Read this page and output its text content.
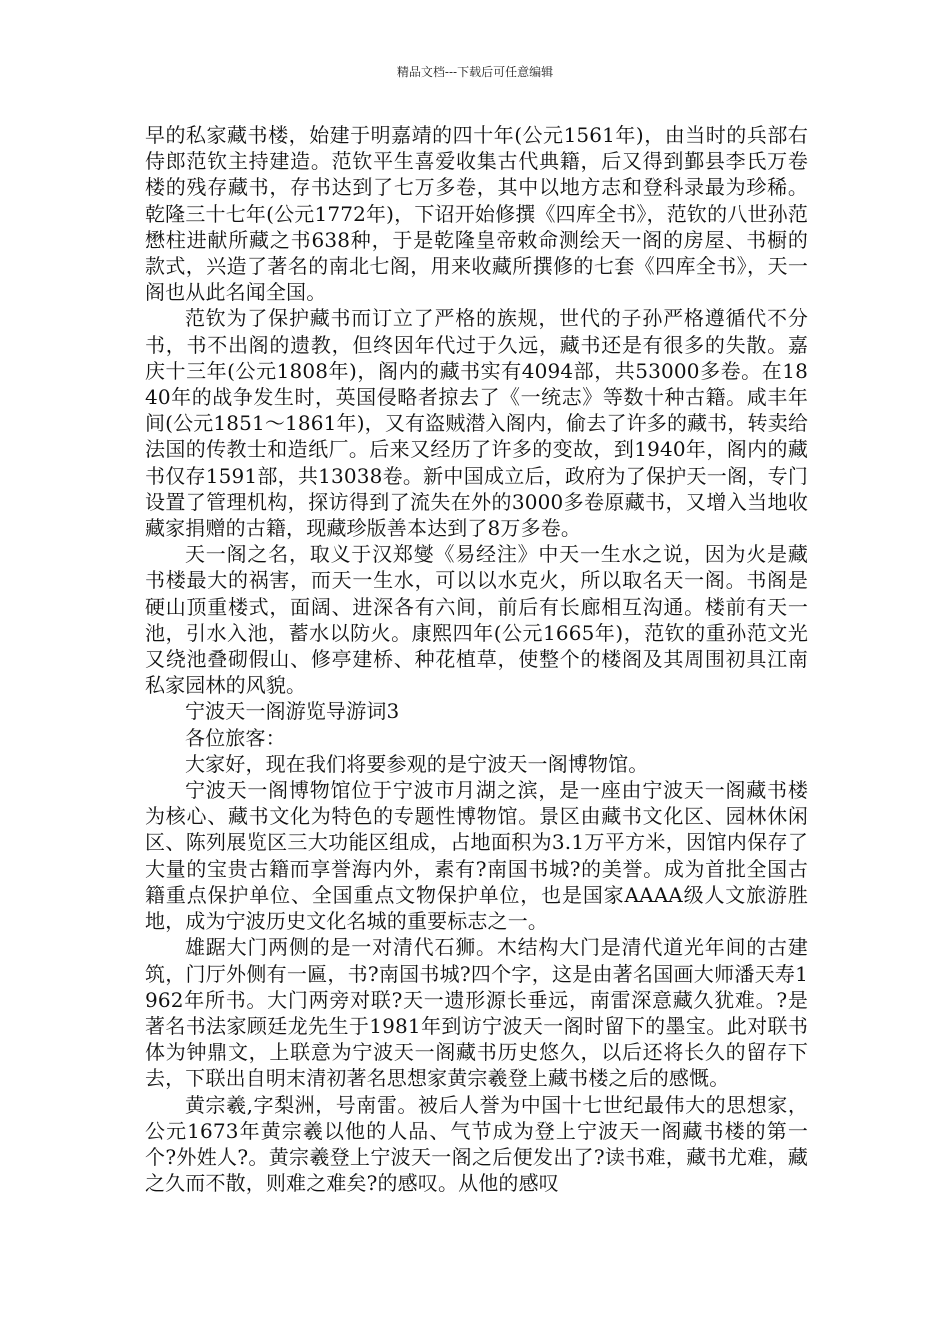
精品文档---下载后可任意编辑

早的私家藏书楼，始建于明嘉靖的四十年(公元1561年)，由当时的兵部右侍郎范钦主持建造。范钦平生喜爱收集古代典籍，后又得到鄞县李氏万卷楼的残存藏书，存书达到了七万多卷，其中以地方志和登科录最为珍稀。乾隆三十七年(公元1772年)，下诏开始修撰《四库全书》，范钦的八世孙范懋柱进献所藏之书638种，于是乾隆皇帝敕命测绘天一阁的房屋、书橱的款式，兴造了著名的南北七阁，用来收藏所撰修的七套《四库全书》，天一阁也从此名闻全国。

范钦为了保护藏书而订立了严格的族规，世代的子孙严格遵循代不分书，书不出阁的遗教，但终因年代过于久远，藏书还是有很多的失散。嘉庆十三年(公元1808年)，阁内的藏书实有4094部，共53000多卷。在1840年的战争发生时，英国侵略者掠去了《一统志》等数十种古籍。咸丰年间(公元1851～1861年)，又有盗贼潜入阁内，偷去了许多的藏书，转卖给法国的传教士和造纸厂。后来又经历了许多的变故，到1940年，阁内的藏书仅存1591部，共13038卷。新中国成立后，政府为了保护天一阁，专门设置了管理机构，探访得到了流失在外的3000多卷原藏书，又增入当地收藏家捐赠的古籍，现藏珍版善本达到了8万多卷。

天一阁之名，取义于汉郑燮《易经注》中天一生水之说，因为火是藏书楼最大的祸害，而天一生水，可以以水克火，所以取名天一阁。书阁是硬山顶重楼式，面阔、进深各有六间，前后有长廊相互沟通。楼前有天一池，引水入池，蓄水以防火。康熙四年(公元1665年)，范钦的重孙范文光又绕池叠砌假山、修亭建桥、种花植草，使整个的楼阁及其周围初具江南私家园林的风貌。

宁波天一阁游览导游词3

各位旅客：

大家好，现在我们将要参观的是宁波天一阁博物馆。

宁波天一阁博物馆位于宁波市月湖之滨，是一座由宁波天一阁藏书楼为核心、藏书文化为特色的专题性博物馆。景区由藏书文化区、园林休闲区、陈列展览区三大功能区组成，占地面积为3.1万平方米，因馆内保存了大量的宝贵古籍而享誉海内外，素有?南国书城?的美誉。成为首批全国古籍重点保护单位、全国重点文物保护单位，也是国家AAAA级人文旅游胜地，成为宁波历史文化名城的重要标志之一。

雄踞大门两侧的是一对清代石狮。木结构大门是清代道光年间的古建筑，门厅外侧有一匾，书?南国书城?四个字，这是由著名国画大师潘天寿1962年所书。大门两旁对联?天一遗形源长垂远，南雷深意藏久犹难。?是著名书法家顾廷龙先生于1981年到访宁波天一阁时留下的墨宝。此对联书体为钟鼎文，上联意为宁波天一阁藏书历史悠久，以后还将长久的留存下去，下联出自明末清初著名思想家黄宗羲登上藏书楼之后的感慨。

黄宗羲,字梨洲，号南雷。被后人誉为中国十七世纪最伟大的思想家，公元1673年黄宗羲以他的人品、气节成为登上宁波天一阁藏书楼的第一个?外姓人?。黄宗羲登上宁波天一阁之后便发出了?读书难，藏书尤难，藏之久而不散，则难之难矣?的感叹。从他的感叹
